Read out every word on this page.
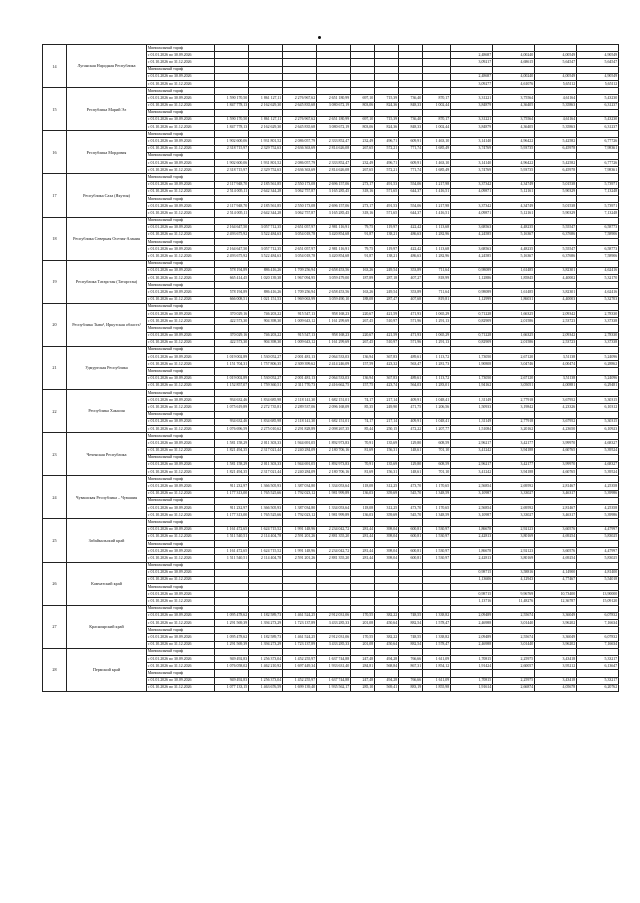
14	Луганская Народная Республика	Минимальный тариф												
		с 01.01.2026 по 30.09.2026									2,48687	4,00240	4,00549	4,90549
		с 01.10.2026 по 31.12.2026									3,09217	4,68615	5,64547	5,64547
		Минимальный тариф												
		с 01.01.2026 по 30.09.2026									2,48687	4,00240	4,00549	4,90549
		с 01.10.2026 по 31.12.2026									3,09277	4,61076	5,65112	5,65112
15	Республика Марий Эл	Минимальный тариф												
		с 01.01.2026 по 30.09.2026	1 590 170,50	1 861 127,11	2 276 967,62	2 651 180,99	697,10	715,39	736,40	870,17	3,31221	3,75564	4,61164	5,43230
		с 01.10.2026 по 31.12.2026	1 847 778,13	2 162 629,30	2 645 835,68	3 080 672,19	803,06	824,36	848,33	1 002,44	3,84879	4,36405	5,35863	6,31237
		Минимальный тариф												
		с 01.01.2026 по 30.09.2026	1 590 170,50	1 861 127,11	2 276 967,62	2 651 180,99	697,10	715,39	736,40	870,17	3,31221	3,75564	4,61164	5,43230
		с 01.10.2026 по 31.12.2026	1 847 778,13	2 162 629,30	2 645 835,68	3 080 672,19	803,06	824,36	848,33	1 002,44	3,84879	4,36405	5,35863	6,31237
16	Республика Мордовия	Минимальный тариф												
		с 01.01.2026 по 30.09.2026	1 902 600,06	1 931 801,52	2 086 057,79	2 333 852,47	232,49	496,71	609,91	1 463,10	3,14140	4,96422	5,42582	6,77726
		с 01.10.2026 по 31.12.2026	2 318 715,97	2 329 752,63	2 636 363,69	2 814 626,08	267,65	572,21	771,74	1 685,49	3,74769	5,93735	6,45978	7,98361
		Минимальный тариф												
		с 01.01.2026 по 30.09.2026	1 902 600,06	1 931 801,52	2 086 057,79	2 333 852,47	232,49	496,71	609,91	1 463,10	3,14140	4,96422	5,42582	6,77726
		с 01.10.2026 по 31.12.2026	2 318 715,97	2 329 752,63	2 636 363,69	2 814 626,08	267,65	572,21	771,74	1 685,49	3,74769	5,93735	6,45978	7,98361
17	Республика Саха (Якутия)	Минимальный тариф												
		с 01.01.2026 по 30.09.2026	2 117 948,70	2 185 561,85	2 550 173,08	2 696 157,06	273,17	491,53	554,06	1 217,98	3,37342	4,34749	5,01538	5,73971
		с 01.10.2026 по 31.12.2026	2 514 005,11	2 642 344,28	3 062 757,87	3 165 285,45	318,16	571,65	644,37	1 416,51	4,09871	5,12161	5,90329	7,13248
		Минимальный тариф												
		с 01.01.2026 по 30.09.2026	2 117 948,70	2 185 561,85	2 550 173,08	2 696 157,06	273,17	491,53	554,06	1 217,98	3,37342	4,34749	5,01538	5,73971
		с 01.10.2026 по 31.12.2026	2 514 005,11	2 642 344,28	3 062 757,87	3 165 285,45	318,16	571,65	644,37	1 416,51	4,09871	5,12161	5,90329	7,13248
18	Республика Северная Осетия-Алания	Минимальный тариф												
		с 01.01.2026 по 30.09.2026	2 164 647,50	3 057 712,35	2 651 057,97	2 981 116,91	79,75	119,97	422,42	1 113,68	3,68563	4,48235	5,55547	6,58773
		с 01.10.2026 по 31.12.2026	2 493 675,92	3 522 484,63	3 054 018,78	3 420 854,68	91,87	138,21	486,63	1 282,96	4,24585	5,16367	6,37686	7,58906
		Минимальный тариф												
		с 01.01.2026 по 30.09.2026	2 164 647,50	3 057 712,35	2 651 057,97	2 981 116,91	79,75	119,97	422,42	1 113,68	3,68563	4,48235	5,55547	6,58773
		с 01.10.2026 по 31.12.2026	2 493 675,92	3 522 484,63	3 054 018,78	3 420 854,68	91,87	138,21	486,63	1 282,96	4,24585	5,16367	6,37686	7,58906
19	Республика Татарстан (Татарстан)	Минимальный тариф												
		с 01.01.2026 по 30.09.2026	578 194,89	886 416,26	1 709 256,94	2 658 453,56	163,26	249,54	353,89	711,64	0,98089	1,61485	3,82301	4,62416
		с 01.10.2026 по 31.12.2026	665 414,45	1 020 139,38	1 967 094,95	3 059 479,00	187,89	287,18	407,27	818,99	1,12886	1,85845	4,40002	5,32170
		Минимальный тариф												
		с 01.01.2026 по 30.09.2026	578 194,89	886 416,26	1 709 256,94	2 658 453,56	163,26	249,54	353,89	711,64	0,98089	1,61485	3,82301	4,62416
		с 01.10.2026 по 31.12.2026	666 008,51	1 021 151,53	1 969 063,99	3 059 490,10	188,08	287,47	407,68	819,81	1,12999	1,86031	4,40003	5,32703
20	Республика Тыва¹, Иркутская область¹	Минимальный тариф												
		с 01.01.2026 по 30.09.2026	370 029,16	746 203,22	915 547,13	958 168,23	220,67	421,59	471,93	1 065,29	0,71228	1,66325	2,09342	2,78330
		с 01.10.2026 по 31.12.2026	422 573,30	904 398,30	1 009 643,12	1 161 299,69	267,45	510,97	571,96	1 291,13	0,82909	2,01586	2,53723	3,37338
		Минимальный тариф												
		с 01.01.2026 по 30.09.2026	370 029,16	746 203,22	915 547,13	958 168,23	220,67	421,59	471,93	1 065,29	0,71228	1,66325	2,09342	2,78330
		с 01.10.2026 по 31.12.2026	422 573,30	904 398,30	1 009 643,12	1 161 299,69	267,45	510,97	571,96	1 291,13	0,82909	2,01586	2,53723	3,37338
21	Удмуртская Республика	Минимальный тариф												
		с 01.01.2026 по 30.09.2026	1 019 002,89	1 530 052,27	2 001 481,13	2 064 533,03	136,94	367,83	489,61	1 113,72	1,73050	2,67120	3,51138	5,24096
		с 01.10.2026 по 31.12.2026	1 151 704,31	1 757 806,35	2 309 399,62	2 414 246,09	157,59	423,32	563,47	1 281,73	1,90808	3,04746	4,00474	6,28862
		Минимальный тариф												
		с 01.01.2026 по 30.09.2026	1 019 002,89	1 530 052,27	2 001 481,13	2 064 533,03	136,94	367,83	489,61	1 113,72	1,73050	2,67120	3,51138	5,24096
		с 01.10.2026 по 31.12.2026	1 152 857,07	1 759 360,51	2 311 770,73	2 416 662,75	157,75	423,74	564,03	1 283,01	1,94162	3,05051	4,00881	6,29481
22	Республика Хакасия	Минимальный тариф												
		с 01.01.2026 по 30.09.2026	934 632,46	1 834 685,98	2 118 141,30	1 682 151,01	74,17	217,14	409,91	1 048,41	1,31149	2,77918	3,67952	5,30315
		с 01.10.2026 по 31.12.2026	1 075 619,89	2 272 735,81	2 289 537,06	2 096 168,09	85,35	249,90	471,75	1 206,56	1,50933	3,19842	4,23326	6,10312
		Минимальный тариф												
		с 01.01.2026 по 30.09.2026	934 632,46	1 834 685,98	2 118 141,30	1 682 151,01	74,17	217,14	409,91	1 048,41	1,31149	2,77918	3,67952	5,30315
		с 01.10.2026 по 31.12.2026	1 076 696,59	2 275 010,62	2 291 828,89	2 098 267,35	85,44	250,15	472,22	1 207,77	1,51084	3,20162	4,23650	6,10923
23	Чеченская Республика	Минимальный тариф												
		с 01.01.2026 по 30.09.2026	1 581 158,29	2 011 303,33	1 944 691,05	1 892 973,83	70,91	135,69	129,80	608,59	2,96217	3,42177	3,99970	4,68327
		с 01.10.2026 по 31.12.2026	1 821 494,35	2 317 021,44	2 240 284,09	2 180 706,16	81,69	156,31	148,61	701,10	3,41242	3,94188	4,60765	5,39524
		Минимальный тариф												
		с 01.01.2026 по 30.09.2026	1 581 158,29	2 011 303,33	1 944 691,05	1 892 973,83	70,91	135,69	129,80	608,59	2,96217	3,42177	3,99970	4,68327
		с 01.10.2026 по 31.12.2026	1 821 494,35	2 317 021,44	2 240 284,09	2 180 706,16	81,69	156,31	148,61	701,10	3,41242	3,94188	4,60765	5,39524
24	Чувашская Республика – Чувашия	Минимальный тариф												
		с 01.01.2026 по 30.09.2026	911 232,97	1 366 505,93	1 387 034,80	1 334 053,64	118,08	312,25	473,70	1 170,65	2,56854	2,69592	2,81467	4,25358
		с 01.10.2026 по 31.12.2026	1 177 313,00	1 765 525,66	1 792 023,12	1 981 999,89	136,03	359,69	545,70	1 348,59	3,10987	3,33027	3,46317	5,39986
		Минимальный тариф												
		с 01.01.2026 по 30.09.2026	911 232,97	1 366 505,93	1 387 034,80	1 334 053,64	118,08	312,25	473,70	1 170,65	2,56854	2,69592	2,81467	4,25358
		с 01.10.2026 по 31.12.2026	1 177 313,00	1 765 525,66	1 792 023,12	1 981 999,89	136,03	359,69	545,70	1 348,59	3,10987	3,33027	3,46317	5,39986
25	Забайкальский край	Минимальный тариф												
		с 01.01.2026 по 30.09.2026	1 161 472,65	1 624 715,52	1 991 148,96	2 234 042,72	281,44	398,04	600,81	1 530,97	1,86678	2,92123	3,60576	4,47997
		с 01.10.2026 по 31.12.2026	1 511 540,51	2 114 404,78	2 591 201,26	2 881 355,20	281,44	398,04	600,81	1 530,97	2,42813	3,80169	4,69254	5,83025
		Минимальный тариф												
		с 01.01.2026 по 30.09.2026	1 161 472,65	1 624 715,52	1 991 148,96	2 234 042,72	281,44	398,04	600,81	1 530,97	1,86678	2,92123	3,60576	4,47997
		с 01.10.2026 по 31.12.2026	1 511 540,51	2 114 404,78	2 591 201,26	2 881 355,20	281,44	398,04	600,81	1 530,97	2,42813	3,80169	4,69254	5,83025
26	Камчатский край	Минимальный тариф												
		с 01.01.2026 по 30.09.2026									0,98715	3,58816	4,14900	4,81400
		с 01.10.2026 по 31.12.2026									1,13606	4,12943	4,77467	5,54018
		Минимальный тариф												
		с 01.01.2026 по 30.09.2026									0,98715	9,96769	10,73400	13,90000
		с 01.10.2026 по 31.12.2026									1,13716	11,48276	12,36787	15,09120
27	Красноярский край	Минимальный тариф												
		с 01.01.2026 по 30.09.2026	1 095 478,62	1 182 589,73	1 461 524,25	2 912 031,06	170,55	382,22	748,55	1 338,82	2,09489	2,55674	3,36049	6,07832
		с 01.10.2026 по 31.12.2026	1 291 569,39	1 394 273,29	1 723 137,89	3 433 285,33	201,08	450,64	882,54	1 578,47	2,46988	3,01440	3,96202	7,16634
		Минимальный тариф												
		с 01.01.2026 по 30.09.2026	1 095 478,62	1 182 589,73	1 461 524,25	2 912 031,06	170,55	382,22	748,55	1 338,82	2,09489	2,55674	3,36049	6,07832
		с 01.10.2026 по 31.12.2026	1 291 569,39	1 394 273,29	1 723 137,89	3 433 285,33	201,08	450,64	882,54	1 578,47	2,46988	3,01440	3,96202	7,16634
28	Пермский край	Минимальный тариф												
		с 01.01.2026 по 30.09.2026	949 492,83	1 256 373,04	1 452 255,97	1 637 744,88	247,48	494,28	766,66	1 611,09	1,70815	2,25975	3,43418	5,33217
		с 01.10.2026 по 31.12.2026	1 076 058,02	1 462 210,92	1 697 449,34	1 933 631,40	284,81	568,84	867,31	1 854,12	1,91424	2,60057	3,95212	6,13647
		Минимальный тариф												
		с 01.01.2026 по 30.09.2026	949 492,83	1 256 373,04	1 452 255,97	1 637 744,88	247,48	494,28	766,66	1 611,09	1,70815	2,25975	3,43418	5,33217
		с 01.10.2026 по 31.12.2026	1 077 133,15	1 463 676,59	1 699 139,40	1 935 562,17	285,10	569,41	883,19	1 855,98	1,91614	2,66874	4,05678	6,20762
